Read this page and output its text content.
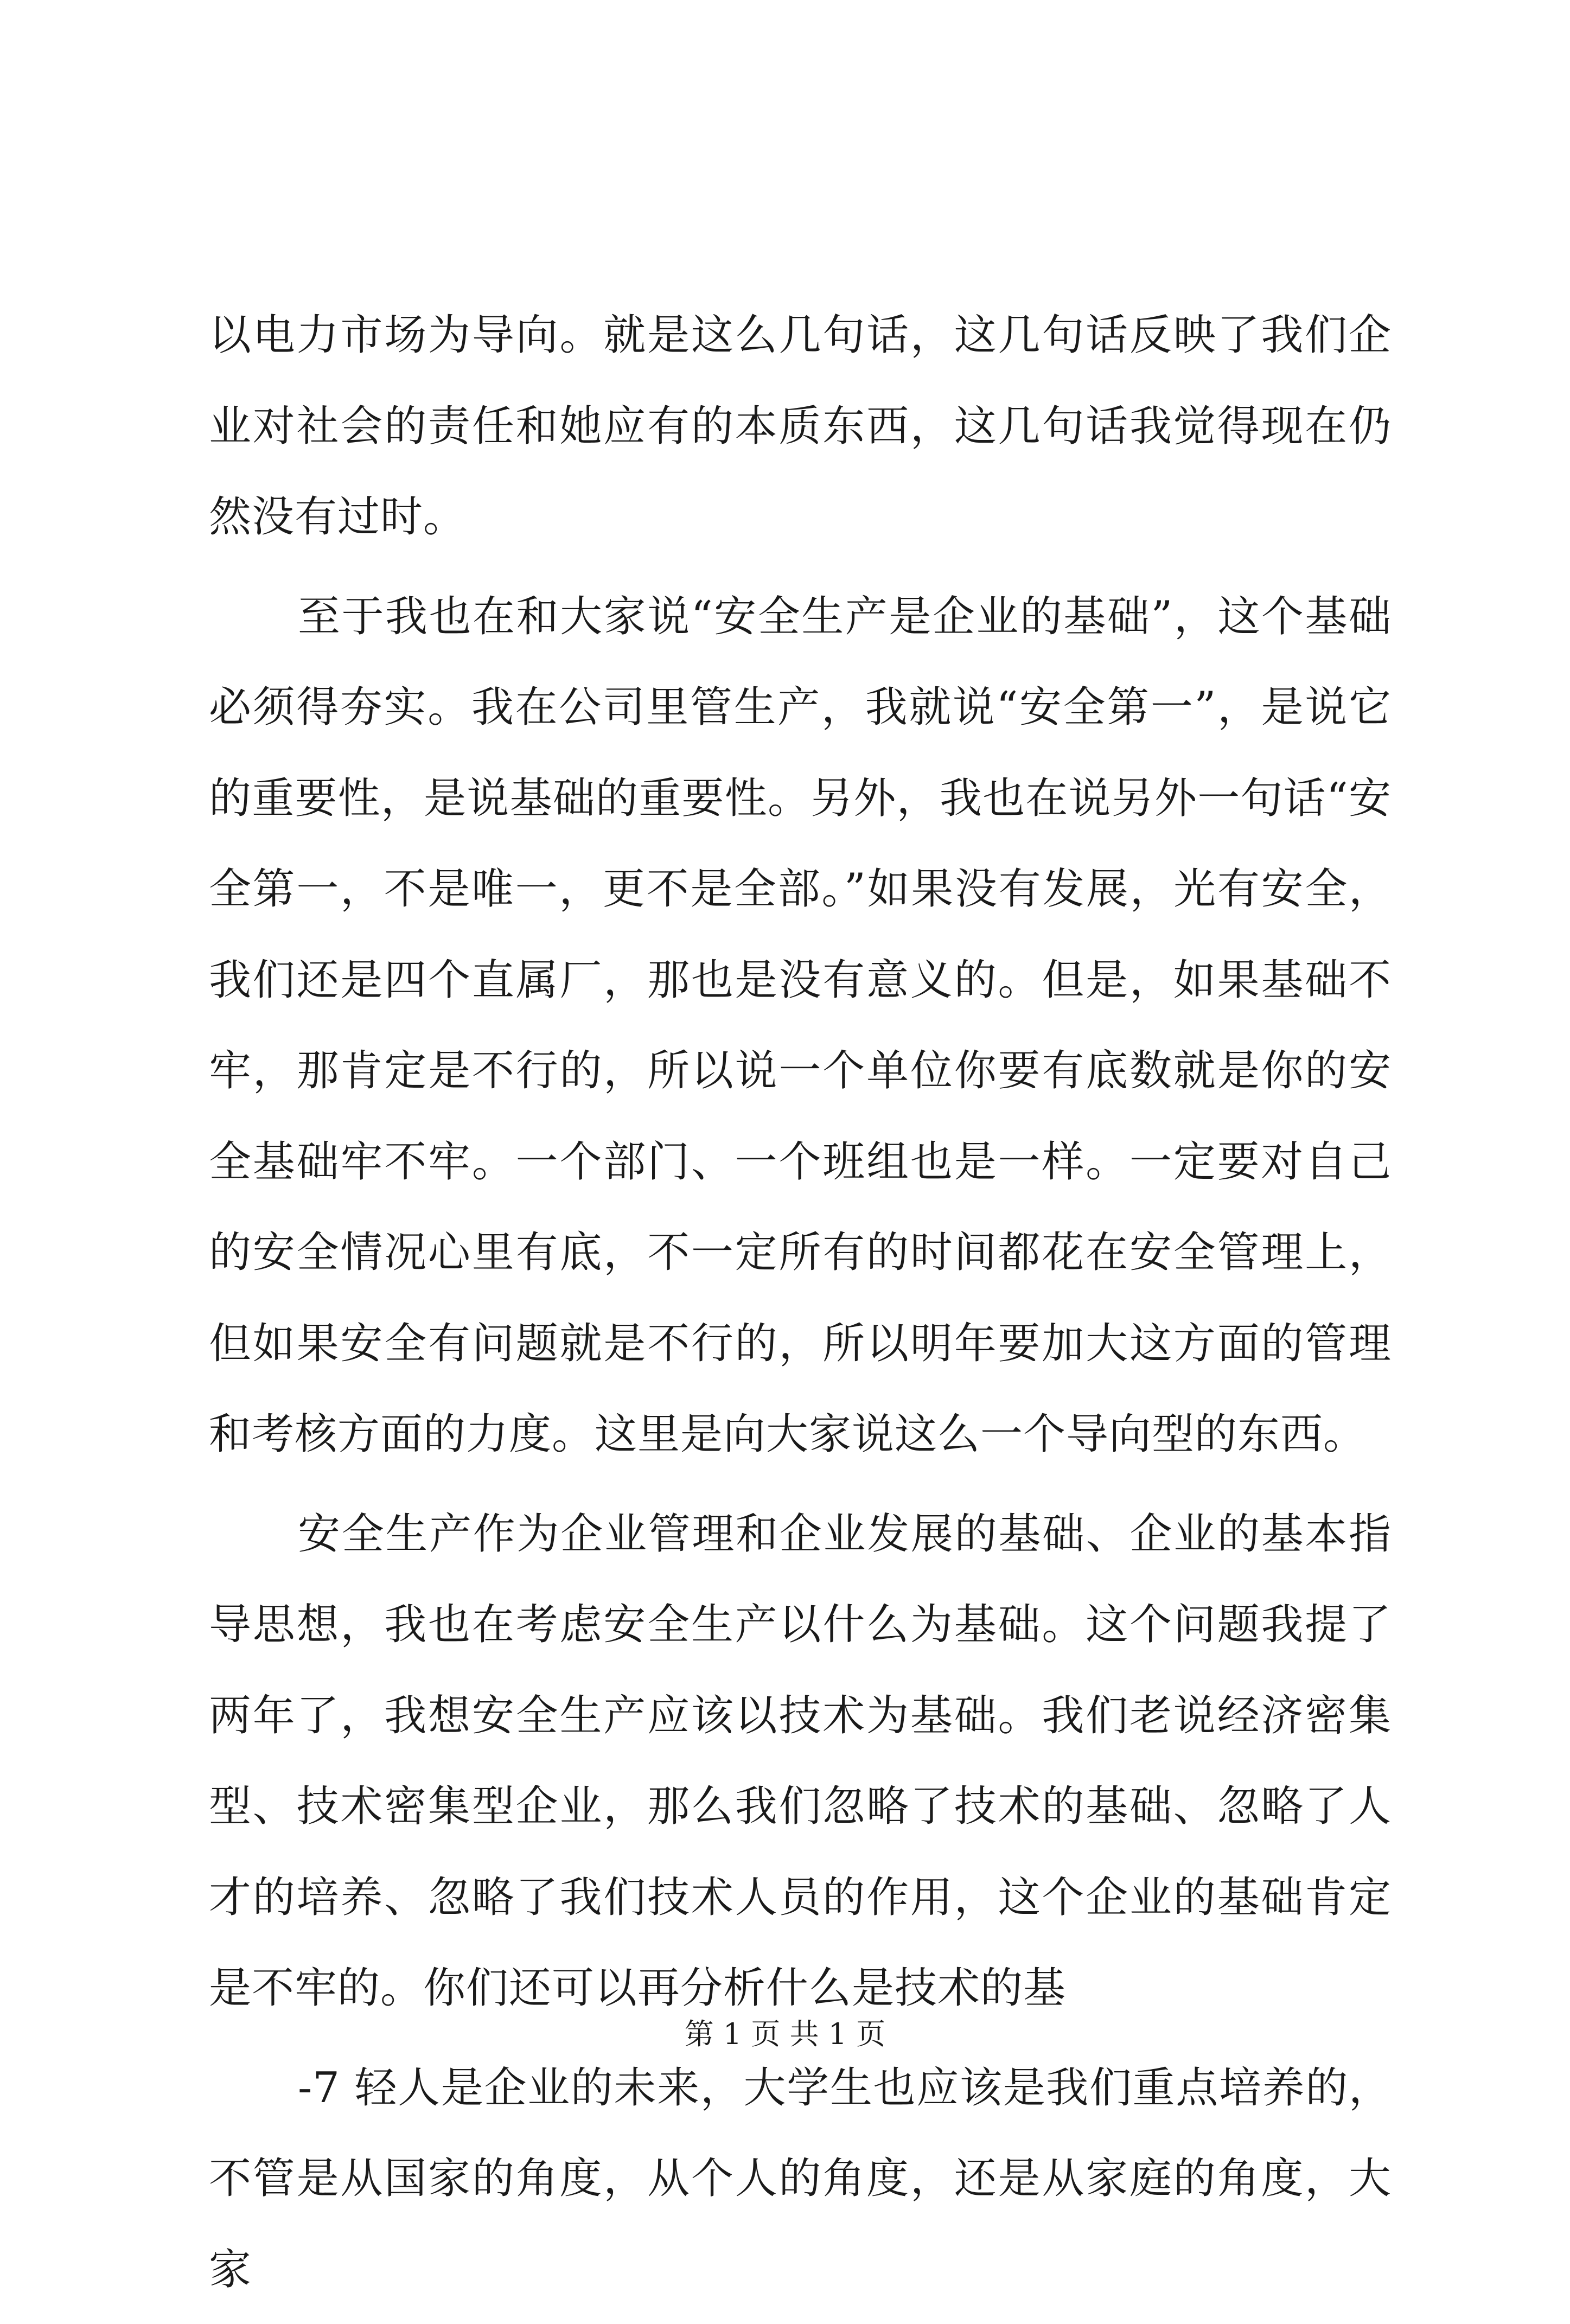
以电力市场为导向。就是这么几句话，这几句话反映了我们企业对社会的责任和她应有的本质东西，这几句话我觉得现在仍然没有过时。

至于我也在和大家说“安全生产是企业的基础”，这个基础必须得夯实。我在公司里管生产，我就说“安全第一”，是说它的重要性，是说基础的重要性。另外，我也在说另外一句话“安全第一，不是唯一，更不是全部。”如果没有发展，光有安全，我们还是四个直属厂，那也是没有意义的。但是，如果基础不牢，那肯定是不行的，所以说一个单位你要有底数就是你的安全基础牢不牢。一个部门、一个班组也是一样。一定要对自己的安全情况心里有底，不一定所有的时间都花在安全管理上，但如果安全有问题就是不行的，所以明年要加大这方面的管理和考核方面的力度。这里是向大家说这么一个导向型的东西。

安全生产作为企业管理和企业发展的基础、企业的基本指导思想，我也在考虑安全生产以什么为基础。这个问题我提了两年了，我想安全生产应该以技术为基础。我们老说经济密集型、技术密集型企业，那么我们忽略了技术的基础、忽略了人才的培养、忽略了我们技术人员的作用，这个企业的基础肯定是不牢的。你们还可以再分析什么是技术的基

-7 轻人是企业的未来，大学生也应该是我们重点培养的，不管是从国家的角度，从个人的角度，还是从家庭的角度，大家

第 1 页 共 1 页
